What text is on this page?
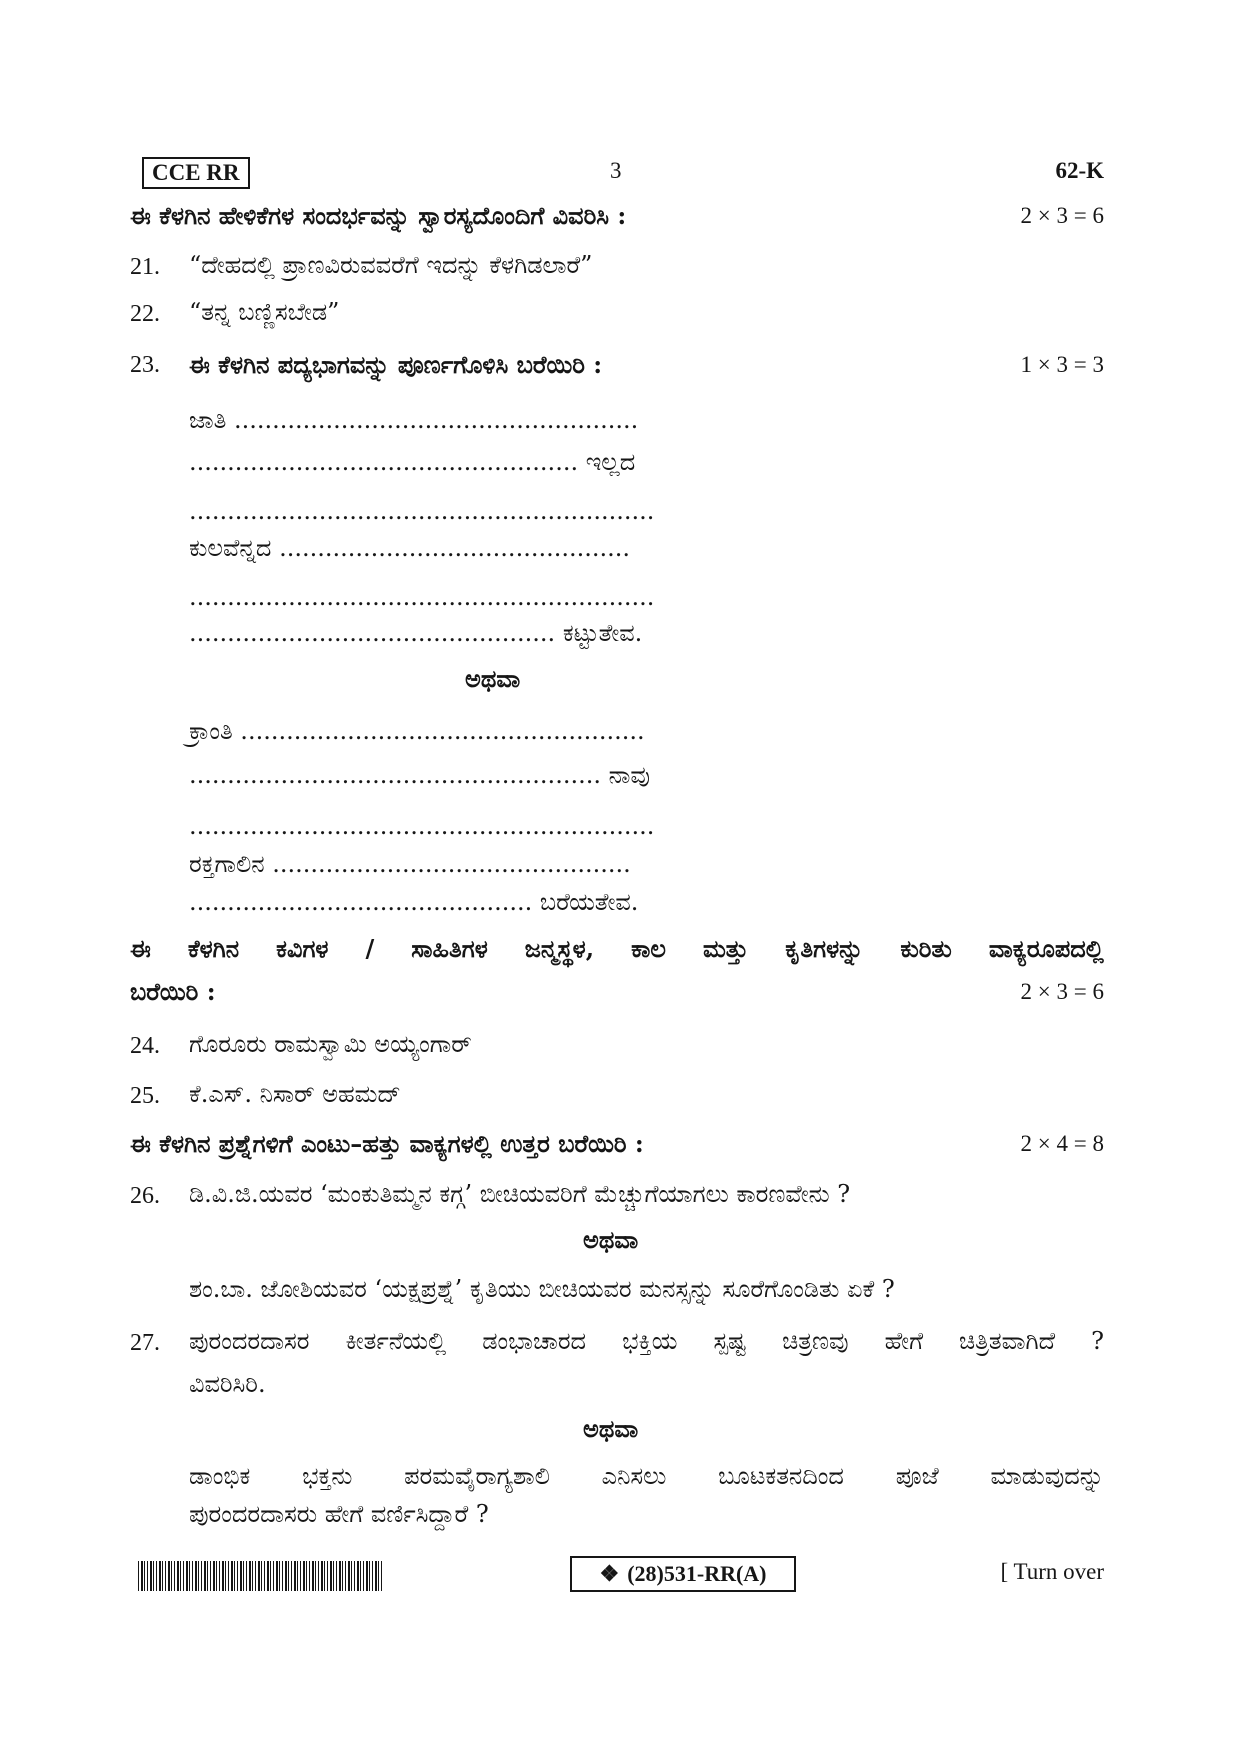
CCE RR	3	62-K
ಈ ಕೆಳಗಿನ ಹೇಳಿಕೆಗಳ ಸಂದರ್ಭವನ್ನು ಸ್ವಾರಸ್ಯದೊಂದಿಗೆ ವಿವರಿಸಿ :	2 × 3 = 6
21. “ದೇಹದಲ್ಲಿ ಪ್ರಾಣವಿರುವವರೆಗೆ ಇದನ್ನು ಕೆಳಗಿಡಲಾರೆ”
22. “ತನ್ನ ಬಣ್ಣಿಸಬೇಡ”
23. ಈ ಕೆಳಗಿನ ಪದ್ಯಭಾಗವನ್ನು ಪೂರ್ಣಗೊಳಿಸಿ ಬರೆಯಿರಿ :	1 × 3 = 3
ಜಾತಿ .....................................................
................................................... ಇಲ್ಲದ
.............................................................
ಕುಲವೆನ್ನದ ..............................................
.............................................................
................................................ ಕಟ್ಟುತೇವ.
ಅಥವಾ
ಕ್ರಾಂತಿ .....................................................
...................................................... ನಾವು
.............................................................
ರಕ್ತಗಾಲಿನ ...............................................
............................................. ಬರೆಯತೇವ.
ಈ ಕೆಳಗಿನ ಕವಿಗಳ / ಸಾಹಿತಿಗಳ ಜನ್ಮಸ್ಥಳ, ಕಾಲ ಮತ್ತು ಕೃತಿಗಳನ್ನು ಕುರಿತು ವಾಕ್ಯರೂಪದಲ್ಲಿ
ಬರೆಯಿರಿ :	2 × 3 = 6
24. ಗೊರೂರು ರಾಮಸ್ವಾಮಿ ಅಯ್ಯಂಗಾರ್
25. ಕೆ.ಎಸ್. ನಿಸಾರ್ ಅಹಮದ್
ಈ ಕೆಳಗಿನ ಪ್ರಶ್ನೆಗಳಿಗೆ ಎಂಟು–ಹತ್ತು ವಾಕ್ಯಗಳಲ್ಲಿ ಉತ್ತರ ಬರೆಯಿರಿ :	2 × 4 = 8
26. ಡಿ.ವಿ.ಜಿ.ಯವರ ‘ಮಂಕುತಿಮ್ಮನ ಕಗ್ಗ’ ಬೀಚಿಯವರಿಗೆ ಮೆಚ್ಚುಗೆಯಾಗಲು ಕಾರಣವೇನು ?
ಅಥವಾ
ಶಂ.ಬಾ. ಜೋಶಿಯವರ ‘ಯಕ್ಷಪ್ರಶ್ನೆ’ ಕೃತಿಯು ಬೀಚಿಯವರ ಮನಸ್ಸನ್ನು ಸೂರೆಗೊಂಡಿತು ಏಕೆ ?
27. ಪುರಂದರದಾಸರ ಕೀರ್ತನೆಯಲ್ಲಿ ಡಂಭಾಚಾರದ ಭಕ್ತಿಯ ಸ್ಪಷ್ಟ ಚಿತ್ರಣವು ಹೇಗೆ ಚಿತ್ರಿತವಾಗಿದೆ ?
ವಿವರಿಸಿರಿ.
ಅಥವಾ
ಡಾಂಭಿಕ ಭಕ್ತನು ಪರಮವೈರಾಗ್ಯಶಾಲಿ ಎನಿಸಲು ಬೂಟಕತನದಿಂದ ಪೂಜೆ ಮಾಡುವುದನ್ನು
ಪುರಂದರದಾಸರು ಹೇಗೆ ವರ್ಣಿಸಿದ್ದಾರೆ ?
❖ (28)531-RR(A)	[ Turn over
